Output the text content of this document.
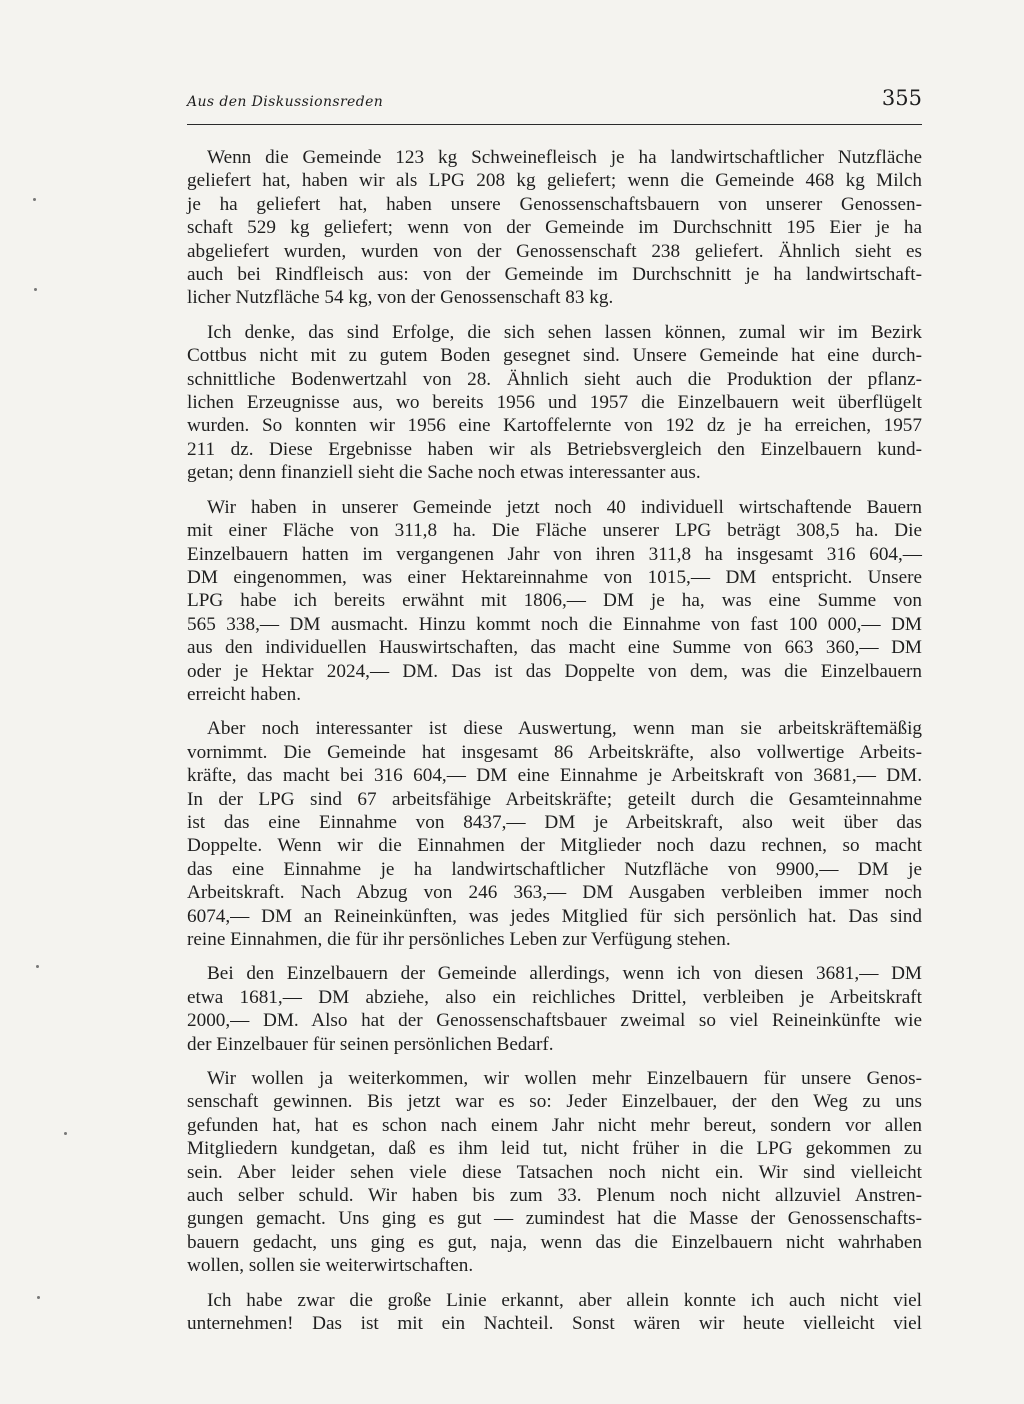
Aus den Diskussionsreden	355
Wenn die Gemeinde 123 kg Schweinefleisch je ha landwirtschaftlicher Nutzfläche
geliefert hat, haben wir als LPG 208 kg geliefert; wenn die Gemeinde 468 kg Milch
je ha geliefert hat, haben unsere Genossenschaftsbauern von unserer Genossen-
schaft 529 kg geliefert; wenn von der Gemeinde im Durchschnitt 195 Eier je ha
abgeliefert wurden, wurden von der Genossenschaft 238 geliefert. Ähnlich sieht es
auch bei Rindfleisch aus: von der Gemeinde im Durchschnitt je ha landwirtschaft-
licher Nutzfläche 54 kg, von der Genossenschaft 83 kg.
Ich denke, das sind Erfolge, die sich sehen lassen können, zumal wir im Bezirk
Cottbus nicht mit zu gutem Boden gesegnet sind. Unsere Gemeinde hat eine durch-
schnittliche Bodenwertzahl von 28. Ähnlich sieht auch die Produktion der pflanz-
lichen Erzeugnisse aus, wo bereits 1956 und 1957 die Einzelbauern weit überflügelt
wurden. So konnten wir 1956 eine Kartoffelernte von 192 dz je ha erreichen, 1957
211 dz. Diese Ergebnisse haben wir als Betriebsvergleich den Einzelbauern kund-
getan; denn finanziell sieht die Sache noch etwas interessanter aus.
Wir haben in unserer Gemeinde jetzt noch 40 individuell wirtschaftende Bauern
mit einer Fläche von 311,8 ha. Die Fläche unserer LPG beträgt 308,5 ha. Die
Einzelbauern hatten im vergangenen Jahr von ihren 311,8 ha insgesamt 316 604,—
DM eingenommen, was einer Hektareinnahme von 1015,— DM entspricht. Unsere
LPG habe ich bereits erwähnt mit 1806,— DM je ha, was eine Summe von
565 338,— DM ausmacht. Hinzu kommt noch die Einnahme von fast 100 000,— DM
aus den individuellen Hauswirtschaften, das macht eine Summe von 663 360,— DM
oder je Hektar 2024,— DM. Das ist das Doppelte von dem, was die Einzelbauern
erreicht haben.
Aber noch interessanter ist diese Auswertung, wenn man sie arbeitskräftemäßig
vornimmt. Die Gemeinde hat insgesamt 86 Arbeitskräfte, also vollwertige Arbeits-
kräfte, das macht bei 316 604,— DM eine Einnahme je Arbeitskraft von 3681,— DM.
In der LPG sind 67 arbeitsfähige Arbeitskräfte; geteilt durch die Gesamteinnahme
ist das eine Einnahme von 8437,— DM je Arbeitskraft, also weit über das
Doppelte. Wenn wir die Einnahmen der Mitglieder noch dazu rechnen, so macht
das eine Einnahme je ha landwirtschaftlicher Nutzfläche von 9900,— DM je
Arbeitskraft. Nach Abzug von 246 363,— DM Ausgaben verbleiben immer noch
6074,— DM an Reineinkünften, was jedes Mitglied für sich persönlich hat. Das sind
reine Einnahmen, die für ihr persönliches Leben zur Verfügung stehen.
Bei den Einzelbauern der Gemeinde allerdings, wenn ich von diesen 3681,— DM
etwa 1681,— DM abziehe, also ein reichliches Drittel, verbleiben je Arbeitskraft
2000,— DM. Also hat der Genossenschaftsbauer zweimal so viel Reineinkünfte wie
der Einzelbauer für seinen persönlichen Bedarf.
Wir wollen ja weiterkommen, wir wollen mehr Einzelbauern für unsere Genos-
senschaft gewinnen. Bis jetzt war es so: Jeder Einzelbauer, der den Weg zu uns
gefunden hat, hat es schon nach einem Jahr nicht mehr bereut, sondern vor allen
Mitgliedern kundgetan, daß es ihm leid tut, nicht früher in die LPG gekommen zu
sein. Aber leider sehen viele diese Tatsachen noch nicht ein. Wir sind vielleicht
auch selber schuld. Wir haben bis zum 33. Plenum noch nicht allzuviel Anstren-
gungen gemacht. Uns ging es gut — zumindest hat die Masse der Genossenschafts-
bauern gedacht, uns ging es gut, naja, wenn das die Einzelbauern nicht wahrhaben
wollen, sollen sie weiterwirtschaften.
Ich habe zwar die große Linie erkannt, aber allein konnte ich auch nicht viel
unternehmen! Das ist mit ein Nachteil. Sonst wären wir heute vielleicht viel
